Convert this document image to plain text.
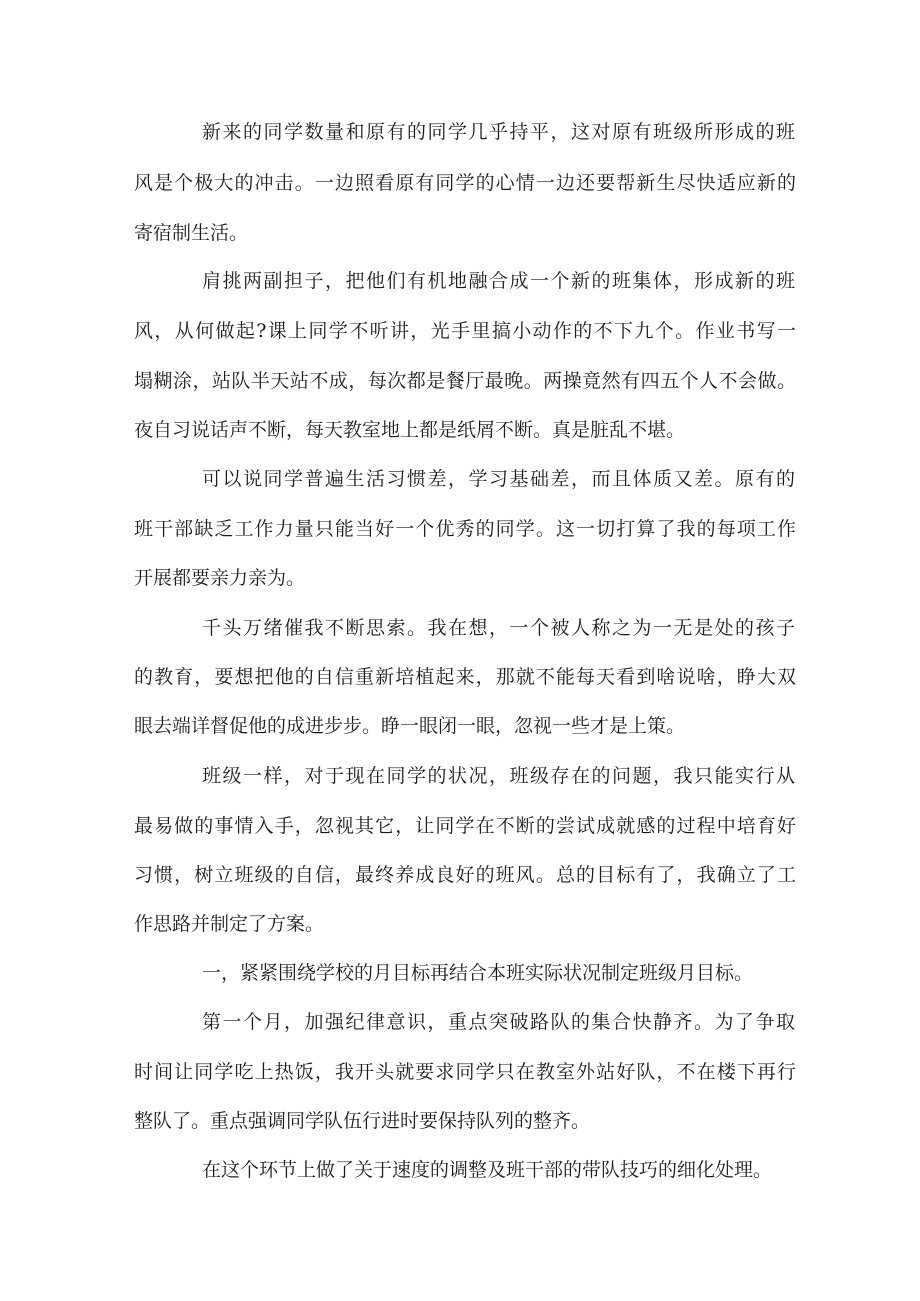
新来的同学数量和原有的同学几乎持平，这对原有班级所形成的班
风是个极大的冲击。一边照看原有同学的心情一边还要帮新生尽快适应新的
寄宿制生活。
肩挑两副担子，把他们有机地融合成一个新的班集体，形成新的班
风，从何做起?课上同学不听讲，光手里搞小动作的不下九个。作业书写一
塌糊涂，站队半天站不成，每次都是餐厅最晚。两操竟然有四五个人不会做。
夜自习说话声不断，每天教室地上都是纸屑不断。真是脏乱不堪。
可以说同学普遍生活习惯差，学习基础差，而且体质又差。原有的
班干部缺乏工作力量只能当好一个优秀的同学。这一切打算了我的每项工作
开展都要亲力亲为。
千头万绪催我不断思索。我在想，一个被人称之为一无是处的孩子
的教育，要想把他的自信重新培植起来，那就不能每天看到啥说啥，睁大双
眼去端详督促他的成进步步。睁一眼闭一眼，忽视一些才是上策。
班级一样，对于现在同学的状况，班级存在的问题，我只能实行从
最易做的事情入手，忽视其它，让同学在不断的尝试成就感的过程中培育好
习惯，树立班级的自信，最终养成良好的班风。总的目标有了，我确立了工
作思路并制定了方案。
一，紧紧围绕学校的月目标再结合本班实际状况制定班级月目标。
第一个月，加强纪律意识，重点突破路队的集合快静齐。为了争取
时间让同学吃上热饭，我开头就要求同学只在教室外站好队，不在楼下再行
整队了。重点强调同学队伍行进时要保持队列的整齐。
在这个环节上做了关于速度的调整及班干部的带队技巧的细化处理。
